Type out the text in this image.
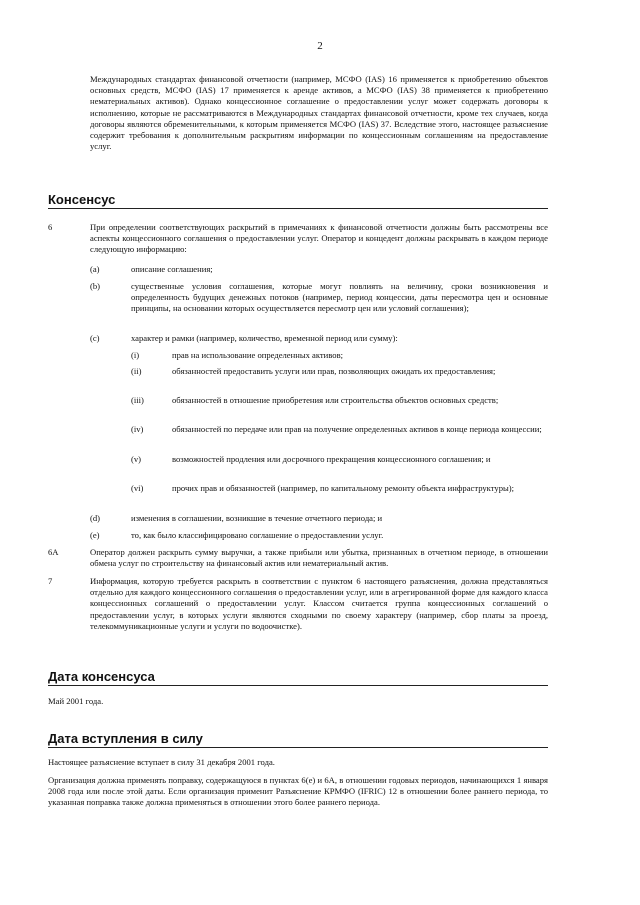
2

Международных стандартах финансовой отчетности (например, МСФО (IAS) 16 применяется к приобретению объектов основных средств, МСФО (IAS) 17 применяется к аренде активов, а МСФО (IAS) 38 применяется к приобретению нематериальных активов). Однако концессионное соглашение о предоставлении услуг может содержать договоры к исполнению, которые не рассматриваются в Международных стандартах финансовой отчетности, кроме тех случаев, когда договоры являются обременительными, к которым применяется МСФО (IAS) 37. Вследствие этого, настоящее разъяснение содержит требования к дополнительным раскрытиям информации по концессионным соглашениям на предоставление услуг.

Консенсус
6	При определении соответствующих раскрытий в примечаниях к финансовой отчетности должны быть рассмотрены все аспекты концессионного соглашения о предоставлении услуг. Оператор и концедент должны раскрывать в каждом периоде следующую информацию:

(a)	описание соглашения;

(b)	существенные условия соглашения, которые могут повлиять на величину, сроки возникновения и определенность будущих денежных потоков (например, период концессии, даты пересмотра цен и основные принципы, на основании которых осуществляется пересмотр цен или условий соглашения);

(c)	характер и рамки (например, количество, временной период или сумму):

(i)	прав на использование определенных активов;

(ii)	обязанностей предоставить услуги или прав, позволяющих ожидать их предоставления;

(iii)	обязанностей в отношение приобретения или строительства объектов основных средств;

(iv)	обязанностей по передаче или прав на получение определенных активов в конце периода концессии;

(v)	возможностей продления или досрочного прекращения концессионного соглашения; и

(vi)	прочих прав и обязанностей (например, по капитальному ремонту объекта инфраструктуры);

(d)	изменения в соглашении, возникшие в течение отчетного периода; и

(e)	то, как было классифицировано соглашение о предоставлении услуг.

6A	Оператор должен раскрыть сумму выручки, а также прибыли или убытка, признанных в отчетном периоде, в отношении обмена услуг по строительству на финансовый актив или нематериальный актив.

7	Информация, которую требуется раскрыть в соответствии с пунктом 6 настоящего разъяснения, должна представляться отдельно для каждого концессионного соглашения о предоставлении услуг, или в агрегированной форме для каждого класса концессионных соглашений о предоставлении услуг. Классом считается группа концессионных соглашений о предоставлении услуг, в которых услуги являются сходными по своему характеру (например, сбор платы за проезд, телекоммуникационные услуги и услуги по водоочистке).

Дата консенсуса

Май 2001 года.

Дата вступления в силу

Настоящее разъяснение вступает в силу 31 декабря 2001 года.

Организация должна применять поправку, содержащуюся в пунктах 6(e) и 6A, в отношении годовых периодов, начинающихся 1 января 2008 года или после этой даты. Если организация применит Разъяснение КРМФО (IFRIC) 12 в отношении более раннего периода, то указанная поправка также должна применяться в отношении этого более раннего периода.
